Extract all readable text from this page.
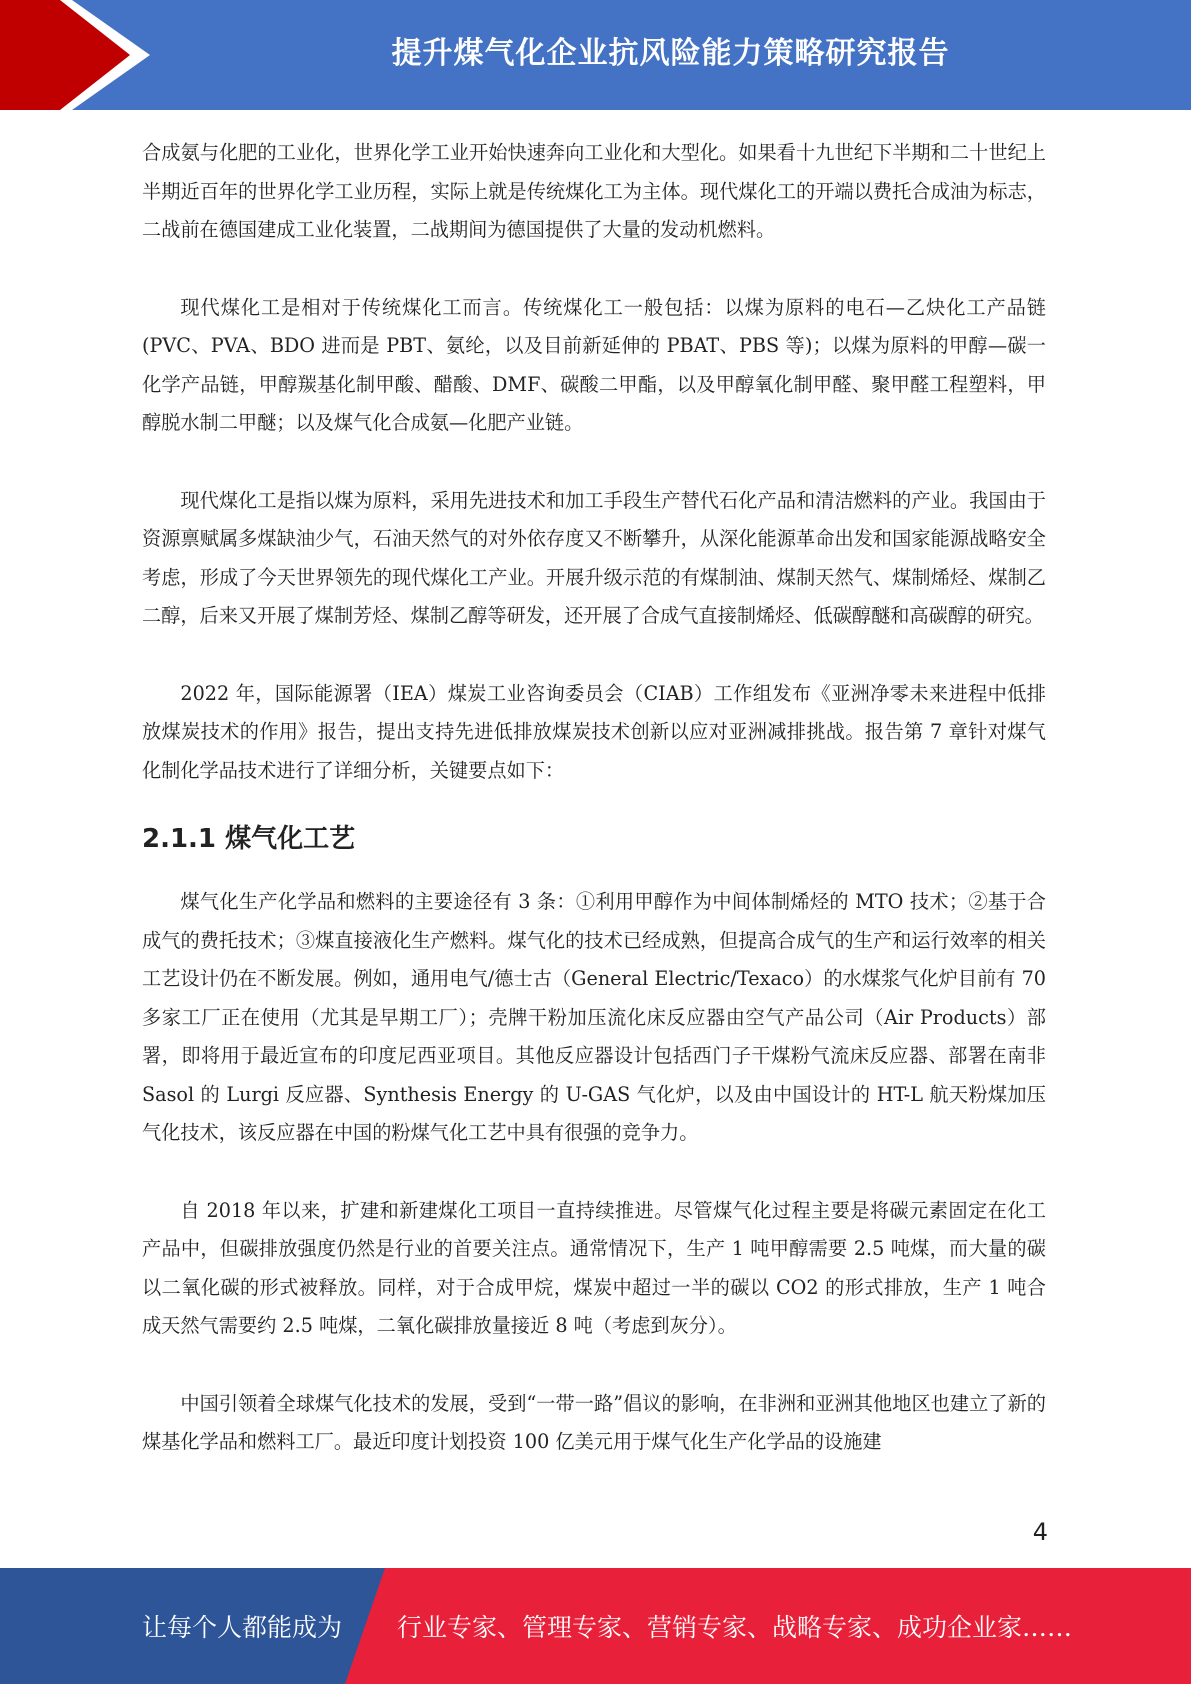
提升煤气化企业抗风险能力策略研究报告

合成氨与化肥的工业化，世界化学工业开始快速奔向工业化和大型化。如果看十九世纪下半期和二十世纪上半期近百年的世界化学工业历程，实际上就是传统煤化工为主体。现代煤化工的开端以费托合成油为标志，二战前在德国建成工业化装置，二战期间为德国提供了大量的发动机燃料。

现代煤化工是相对于传统煤化工而言。传统煤化工一般包括：以煤为原料的电石—乙炔化工产品链(PVC、PVA、BDO 进而是 PBT、氨纶，以及目前新延伸的 PBAT、PBS 等)；以煤为原料的甲醇—碳一化学产品链，甲醇羰基化制甲酸、醋酸、DMF、碳酸二甲酯，以及甲醇氧化制甲醛、聚甲醛工程塑料，甲醇脱水制二甲醚；以及煤气化合成氨—化肥产业链。

现代煤化工是指以煤为原料，采用先进技术和加工手段生产替代石化产品和清洁燃料的产业。我国由于资源禀赋属多煤缺油少气，石油天然气的对外依存度又不断攀升，从深化能源革命出发和国家能源战略安全考虑，形成了今天世界领先的现代煤化工产业。开展升级示范的有煤制油、煤制天然气、煤制烯烃、煤制乙二醇，后来又开展了煤制芳烃、煤制乙醇等研发，还开展了合成气直接制烯烃、低碳醇醚和高碳醇的研究。

2022 年，国际能源署（IEA）煤炭工业咨询委员会（CIAB）工作组发布《亚洲净零未来进程中低排放煤炭技术的作用》报告，提出支持先进低排放煤炭技术创新以应对亚洲减排挑战。报告第 7 章针对煤气化制化学品技术进行了详细分析，关键要点如下：

2.1.1 煤气化工艺

煤气化生产化学品和燃料的主要途径有 3 条：①利用甲醇作为中间体制烯烃的 MTO 技术；②基于合成气的费托技术；③煤直接液化生产燃料。煤气化的技术已经成熟，但提高合成气的生产和运行效率的相关工艺设计仍在不断发展。例如，通用电气/德士古（General Electric/Texaco）的水煤浆气化炉目前有 70 多家工厂正在使用（尤其是早期工厂）；壳牌干粉加压流化床反应器由空气产品公司（Air Products）部署，即将用于最近宣布的印度尼西亚项目。其他反应器设计包括西门子干煤粉气流床反应器、部署在南非 Sasol 的 Lurgi 反应器、Synthesis Energy 的 U-GAS 气化炉，以及由中国设计的 HT-L 航天粉煤加压气化技术，该反应器在中国的粉煤气化工艺中具有很强的竞争力。

自 2018 年以来，扩建和新建煤化工项目一直持续推进。尽管煤气化过程主要是将碳元素固定在化工产品中，但碳排放强度仍然是行业的首要关注点。通常情况下，生产 1 吨甲醇需要 2.5 吨煤，而大量的碳以二氧化碳的形式被释放。同样，对于合成甲烷，煤炭中超过一半的碳以 CO2 的形式排放，生产 1 吨合成天然气需要约 2.5 吨煤，二氧化碳排放量接近 8 吨（考虑到灰分）。

中国引领着全球煤气化技术的发展，受到“一带一路”倡议的影响，在非洲和亚洲其他地区也建立了新的煤基化学品和燃料工厂。最近印度计划投资 100 亿美元用于煤气化生产化学品的设施建

4
让每个人都能成为 行业专家、管理专家、营销专家、战略专家、成功企业家……
